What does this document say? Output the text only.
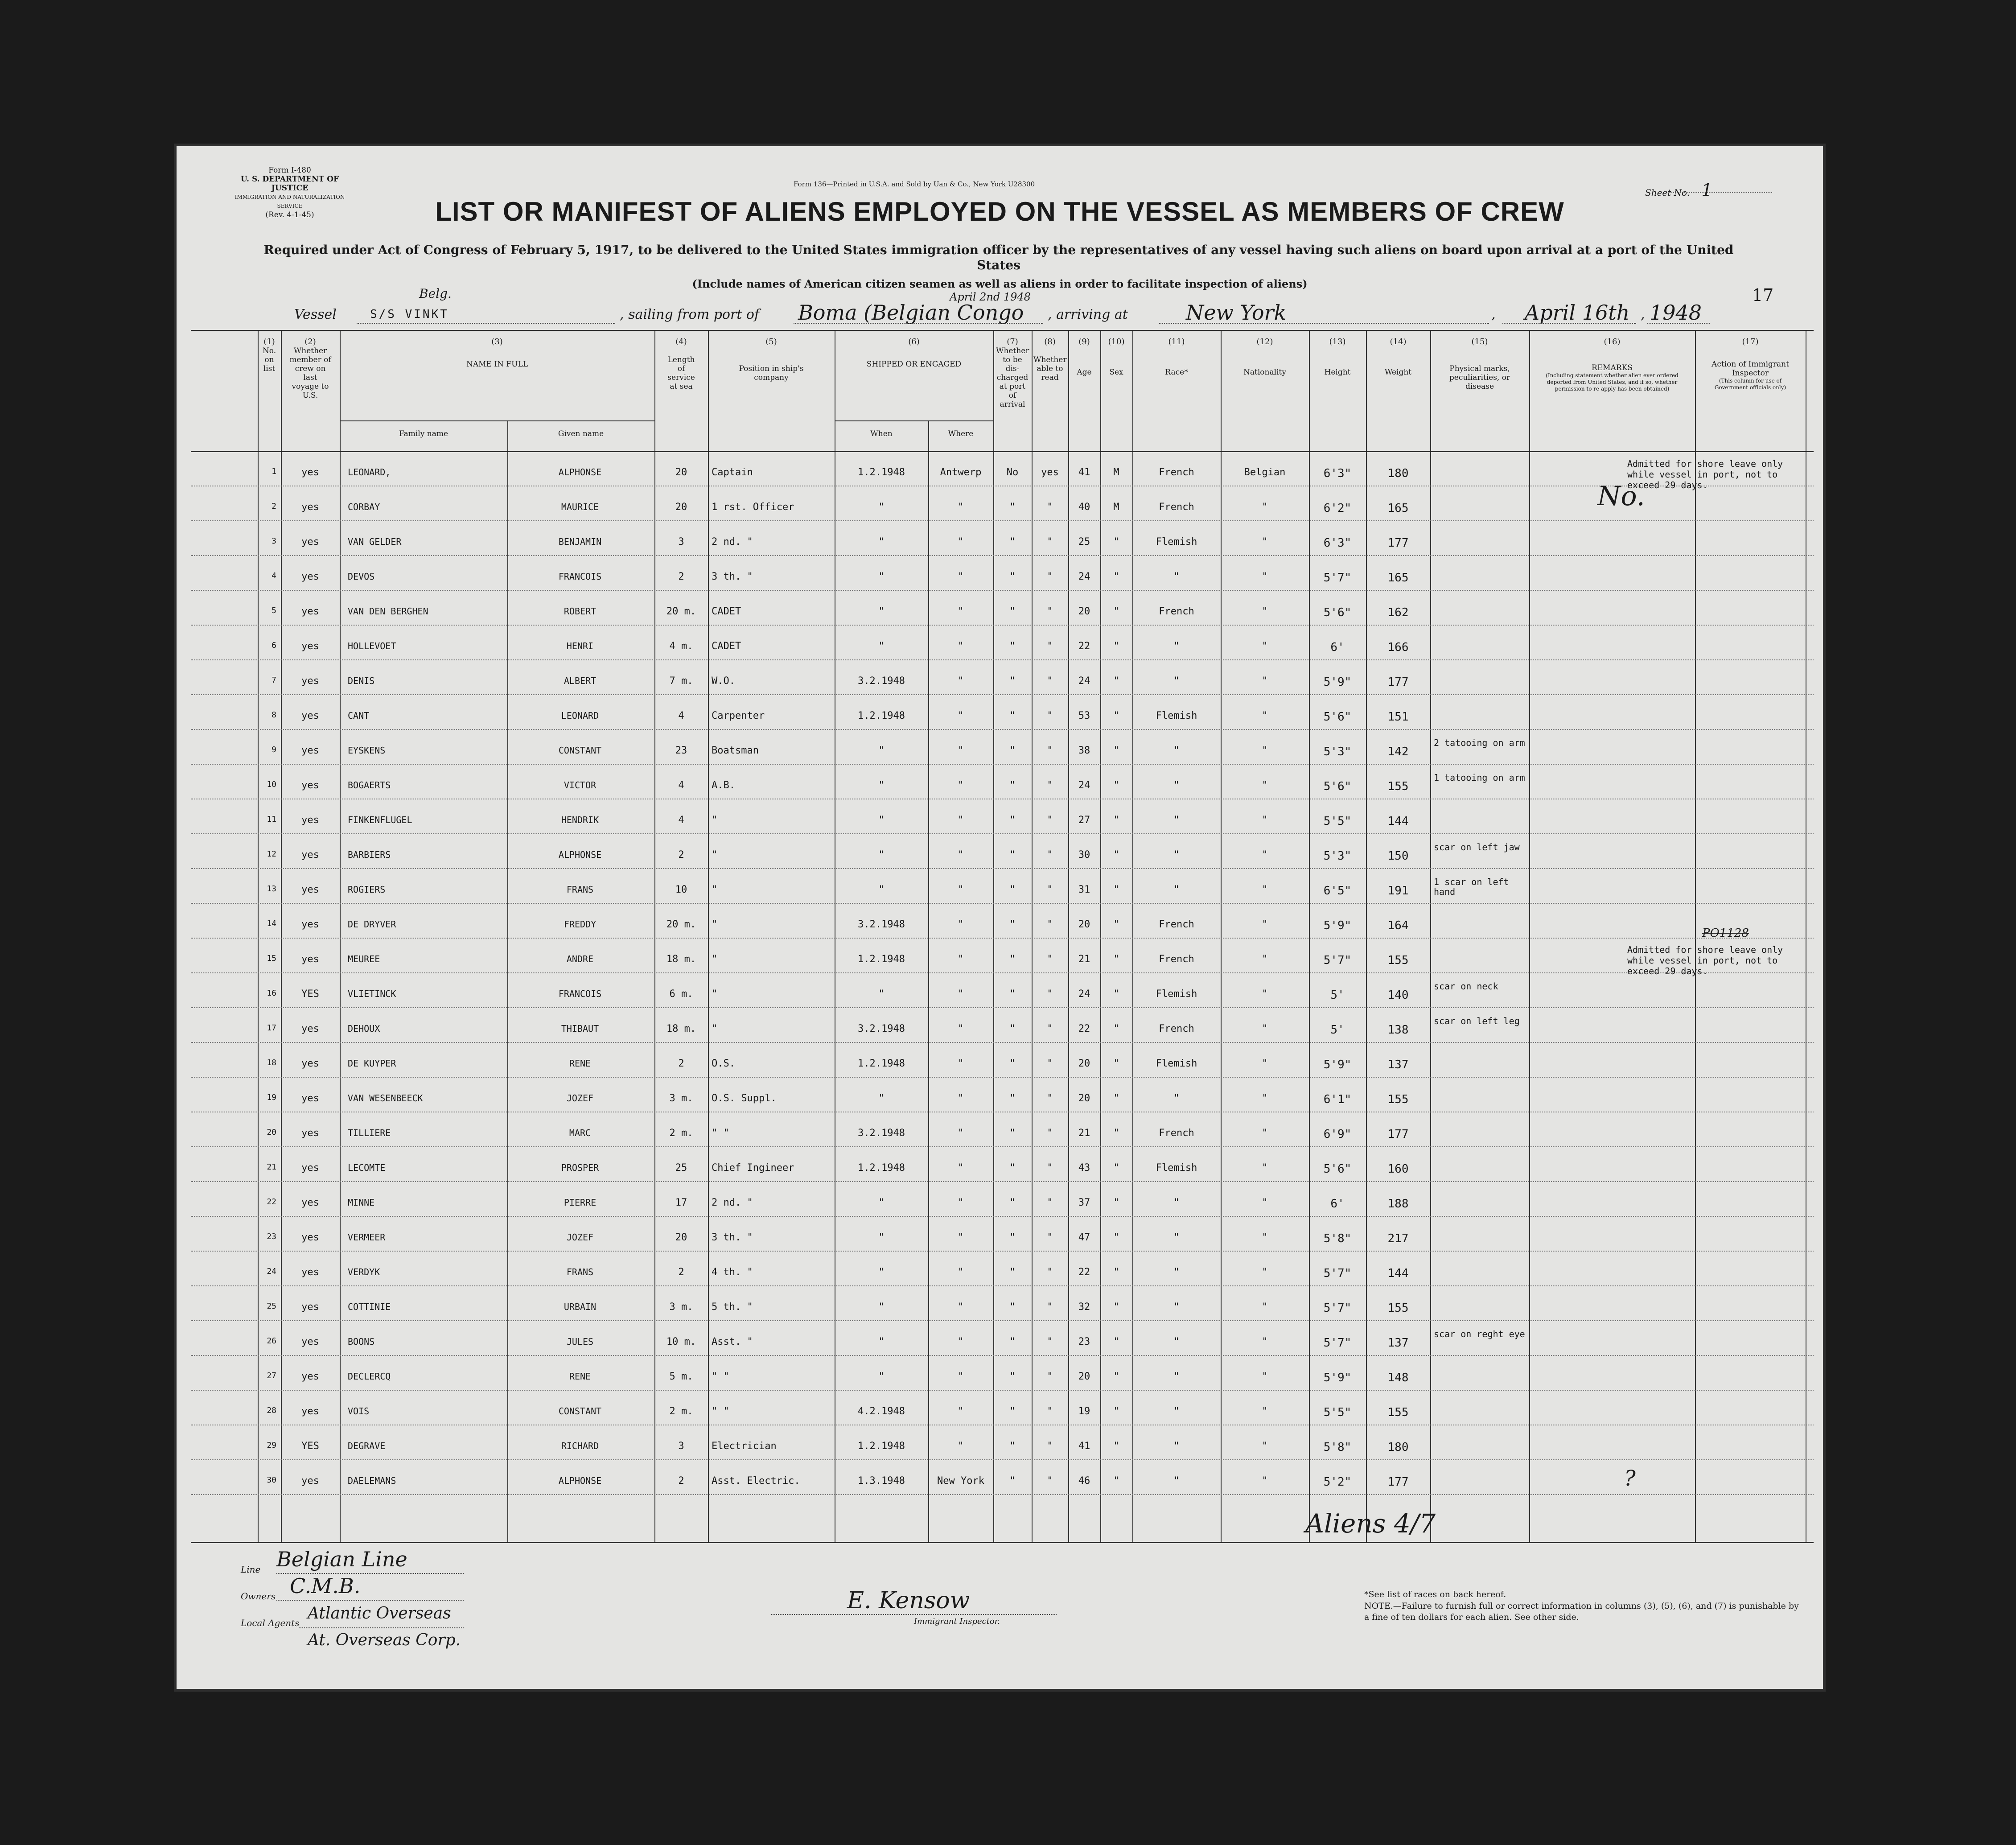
Form I-480
U. S. DEPARTMENT OF JUSTICE
IMMIGRATION AND NATURALIZATION SERVICE
(Rev. 4-1-45)
Form 136—Printed in U.S.A. and Sold by Uan & Co., New York U28300
Sheet No. 1
LIST OR MANIFEST OF ALIENS EMPLOYED ON THE VESSEL AS MEMBERS OF CREW
Required under Act of Congress of February 5, 1917, to be delivered to the United States immigration officer by the representatives of any vessel having such aliens on board upon arrival at a port of the United States
(Include names of American citizen seamen as well as aliens in order to facilitate inspection of aliens)
17
Vessel
Belg.
S/S VINKT	, sailing from port of Boma (Belgian Congo
April 2nd 1948
, arriving at	New York	, April 16th , 1948
(1)
No. on list
(2)
Whether member of crew on last voyage to U.S.
(3)
NAME IN FULL
Family name	Given name
(4)
Length of service at sea
(5)
Position in ship's company
(6)
SHIPPED OR ENGAGED
When	Where
(7)
Whether to be dis-charged at port of arrival
(8)
Whether able to read
(9)
Age
(10)
Sex
(11)
Race*
(12)
Nationality
(13)
Height
(14)
Weight
(15)
Physical marks, peculiarities, or disease
(16)
REMARKS
(Including statement whether alien ever ordered deported from United States, and if so, whether permission to re-apply has been obtained)
(17)
Action of Immigrant Inspector
(This column for use of Government officials only)
1	yes	LEONARD,	ALPHONSE	20	Captain	1.2.1948	Antwerp	No	yes	41	M	French	Belgian	6'3"	180
2	yes	CORBAY	MAURICE	20	1 rst. Officer	"	"	"	"	40	M	French	"	6'2"	165
3	yes	VAN GELDER	BENJAMIN	3	2 nd. "	"	"	"	"	25	"	Flemish	"	6'3"	177
4	yes	DEVOS	FRANCOIS	2	3 th. "	"	"	"	"	24	"	"	"	5'7"	165
5	yes	VAN DEN BERGHEN	ROBERT	20 m.	CADET	"	"	"	"	20	"	French	"	5'6"	162
6	yes	HOLLEVOET	HENRI	4 m.	CADET	"	"	"	"	22	"	"	"	6'	166
7	yes	DENIS	ALBERT	7 m.	W.O.	3.2.1948	"	"	"	24	"	"	"	5'9"	177
8	yes	CANT	LEONARD	4	Carpenter	1.2.1948	"	"	"	53	"	Flemish	"	5'6"	151
9	yes	EYSKENS	CONSTANT	23	Boatsman	"	"	"	"	38	"	"	"	5'3"	142
2 tatooing on arm
10	yes	BOGAERTS	VICTOR	4	A.B.	"	"	"	"	24	"	"	"	5'6"	155
1 tatooing on arm
11	yes	FINKENFLUGEL	HENDRIK	4	"	"	"	"	"	27	"	"	"	5'5"	144
12	yes	BARBIERS	ALPHONSE	2	"	"	"	"	"	30	"	"	"	5'3"	150
scar on left jaw
13	yes	ROGIERS	FRANS	10	"	"	"	"	"	31	"	"	"	6'5"	191
1 scar on left hand
14	yes	DE DRYVER	FREDDY	20 m.	"	3.2.1948	"	"	"	20	"	French	"	5'9"	164
15	yes	MEUREE	ANDRE	18 m.	"	1.2.1948	"	"	"	21	"	French	"	5'7"	155
16	YES	VLIETINCK	FRANCOIS	6 m.	"	"	"	"	"	24	"	Flemish	"	5'	140
scar on neck
17	yes	DEHOUX	THIBAUT	18 m.	"	3.2.1948	"	"	"	22	"	French	"	5'	138
scar on left leg
18	yes	DE KUYPER	RENE	2	O.S.	1.2.1948	"	"	"	20	"	Flemish	"	5'9"	137
19	yes	VAN WESENBEECK	JOZEF	3 m.	O.S. Suppl.	"	"	"	"	20	"	"	"	6'1"	155
20	yes	TILLIERE	MARC	2 m.	" "	3.2.1948	"	"	"	21	"	French	"	6'9"	177
21	yes	LECOMTE	PROSPER	25	Chief Ingineer	1.2.1948	"	"	"	43	"	Flemish	"	5'6"	160
22	yes	MINNE	PIERRE	17	2 nd. "	"	"	"	"	37	"	"	"	6'	188
23	yes	VERMEER	JOZEF	20	3 th. "	"	"	"	"	47	"	"	"	5'8"	217
24	yes	VERDYK	FRANS	2	4 th. "	"	"	"	"	22	"	"	"	5'7"	144
25	yes	COTTINIE	URBAIN	3 m.	5 th. "	"	"	"	"	32	"	"	"	5'7"	155
26	yes	BOONS	JULES	10 m.	Asst. "	"	"	"	"	23	"	"	"	5'7"	137
scar on reght eye
27	yes	DECLERCQ	RENE	5 m.	" "	"	"	"	"	20	"	"	"	5'9"	148
28	yes	VOIS	CONSTANT	2 m.	" "	4.2.1948	"	"	"	19	"	"	"	5'5"	155
29	YES	DEGRAVE	RICHARD	3	Electrician	1.2.1948	"	"	"	41	"	"	"	5'8"	180
30	yes	DAELEMANS	ALPHONSE	2	Asst. Electric.	1.3.1948	New York	"	"	46	"	"	"	5'2"	177
Admitted for shore leave only while vessel in port, not to exceed 29 days.
No.
Admitted for shore leave only while vessel in port, not to exceed 29 days.
PO1128
?
Aliens 4/7
Line Belgian Line
Owners C.M.B.
Local Agents
Atlantic Overseas
At. Overseas Corp.
E. Kensow
Immigrant Inspector.
*See list of races on back hereof.
NOTE.—Failure to furnish full or correct information in columns (3), (5), (6), and (7) is punishable by a fine of ten dollars for each alien. See other side.
